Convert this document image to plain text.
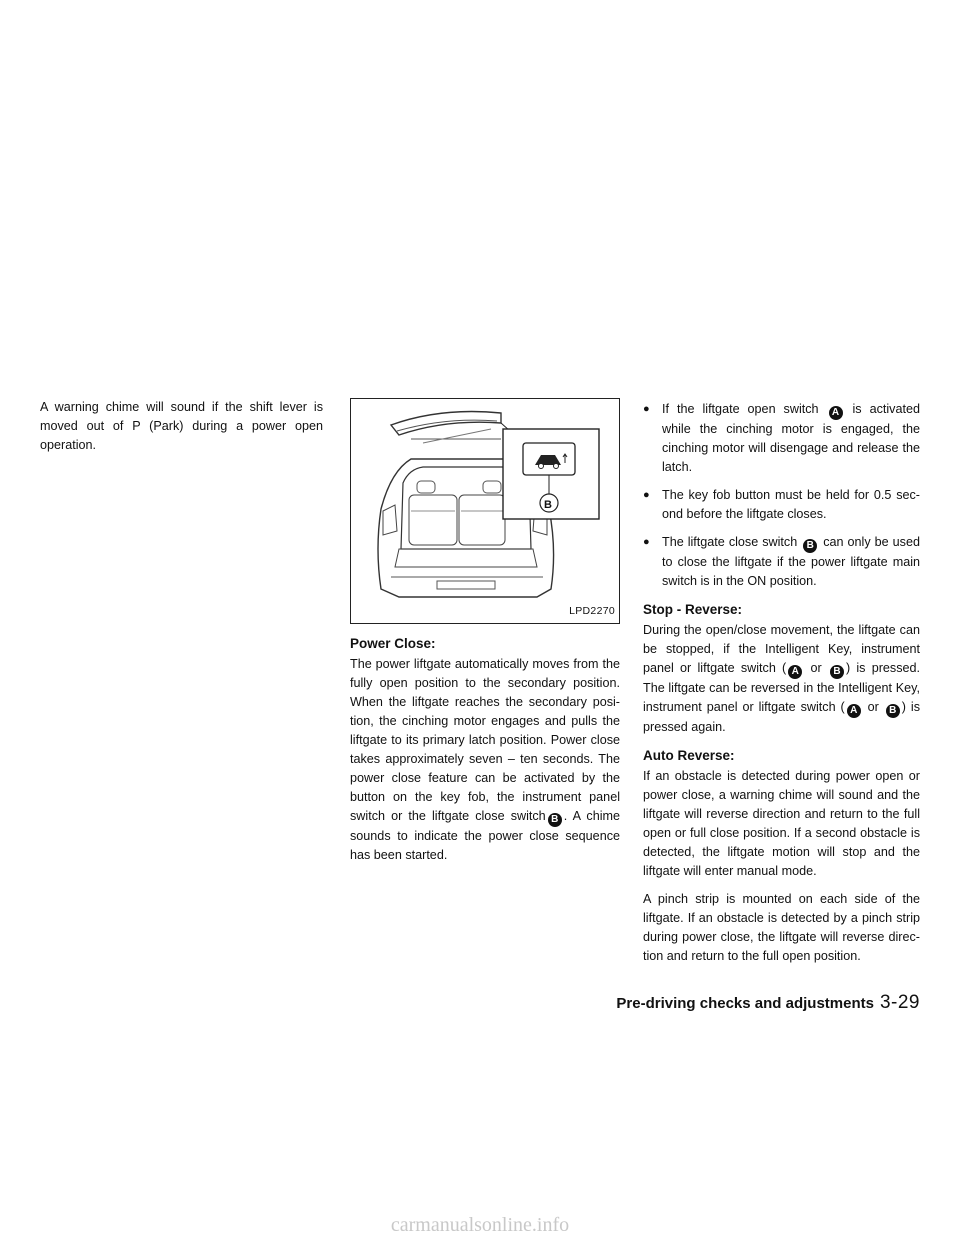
A warning chime will sound if the shift lever is moved out of P (Park) during a power open operation.

B
LPD2270
Power Close:

The power liftgate automatically moves from the fully open position to the secondary position. When the liftgate reaches the secondary posi- tion, the cinching motor engages and pulls the liftgate to its primary latch position. Power close takes approximately seven – ten seconds. The power close feature can be activated by the button on the key fob, the instrument panel switch or the liftgate close switch B . A chime sounds to indicate the power close sequence has been started.

● If the liftgate open switch A is activated while the cinching motor is engaged, the cinching motor will disengage and release the latch.
● The key fob button must be held for 0.5 sec- ond before the liftgate closes.
● The liftgate close switch B can only be used to close the liftgate if the power liftgate main switch is in the ON position.
Stop - Reverse:

During the open/close movement, the liftgate can be stopped, if the Intelligent Key, instrument panel or liftgate switch ( A or B ) is pressed. The liftgate can be reversed in the Intelligent Key, instrument panel or liftgate switch ( A or B ) is pressed again.

Auto Reverse:

If an obstacle is detected during power open or power close, a warning chime will sound and the liftgate will reverse direction and return to the full open or full close position. If a second obstacle is detected, the liftgate motion will stop and the liftgate will enter manual mode.

A pinch strip is mounted on each side of the liftgate. If an obstacle is detected by a pinch strip during power close, the liftgate will reverse direc- tion and return to the full open position.

Pre-driving checks and adjustments 3-29
carmanualsonline.info
